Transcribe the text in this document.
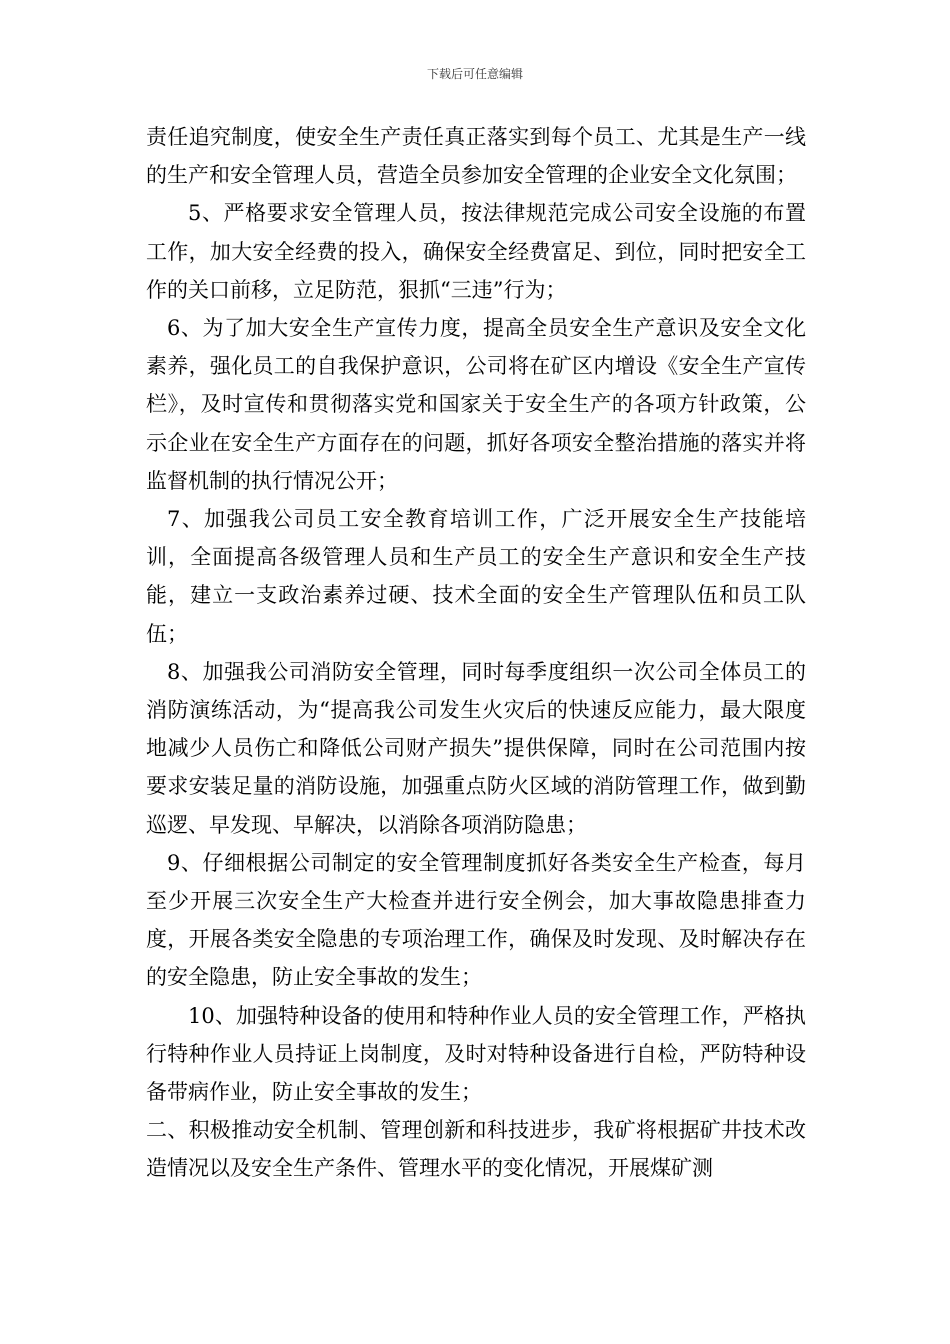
下载后可任意编辑

责任追究制度，使安全生产责任真正落实到每个员工、尤其是生产一线的生产和安全管理人员，营造全员参加安全管理的企业安全文化氛围；

5、严格要求安全管理人员，按法律规范完成公司安全设施的布置工作，加大安全经费的投入，确保安全经费富足、到位，同时把安全工作的关口前移，立足防范，狠抓“三违”行为；

6、为了加大安全生产宣传力度，提高全员安全生产意识及安全文化素养，强化员工的自我保护意识，公司将在矿区内增设《安全生产宣传栏》，及时宣传和贯彻落实党和国家关于安全生产的各项方针政策，公示企业在安全生产方面存在的问题，抓好各项安全整治措施的落实并将监督机制的执行情况公开；

7、加强我公司员工安全教育培训工作，广泛开展安全生产技能培训，全面提高各级管理人员和生产员工的安全生产意识和安全生产技能，建立一支政治素养过硬、技术全面的安全生产管理队伍和员工队伍；

8、加强我公司消防安全管理，同时每季度组织一次公司全体员工的消防演练活动，为“提高我公司发生火灾后的快速反应能力，最大限度地减少人员伤亡和降低公司财产损失”提供保障，同时在公司范围内按要求安装足量的消防设施，加强重点防火区域的消防管理工作，做到勤巡逻、早发现、早解决，以消除各项消防隐患；

9、仔细根据公司制定的安全管理制度抓好各类安全生产检查，每月至少开展三次安全生产大检查并进行安全例会，加大事故隐患排查力度，开展各类安全隐患的专项治理工作，确保及时发现、及时解决存在的安全隐患，防止安全事故的发生；

10、加强特种设备的使用和特种作业人员的安全管理工作，严格执行特种作业人员持证上岗制度，及时对特种设备进行自检，严防特种设备带病作业，防止安全事故的发生；

二、积极推动安全机制、管理创新和科技进步，我矿将根据矿井技术改造情况以及安全生产条件、管理水平的变化情况，开展煤矿测
